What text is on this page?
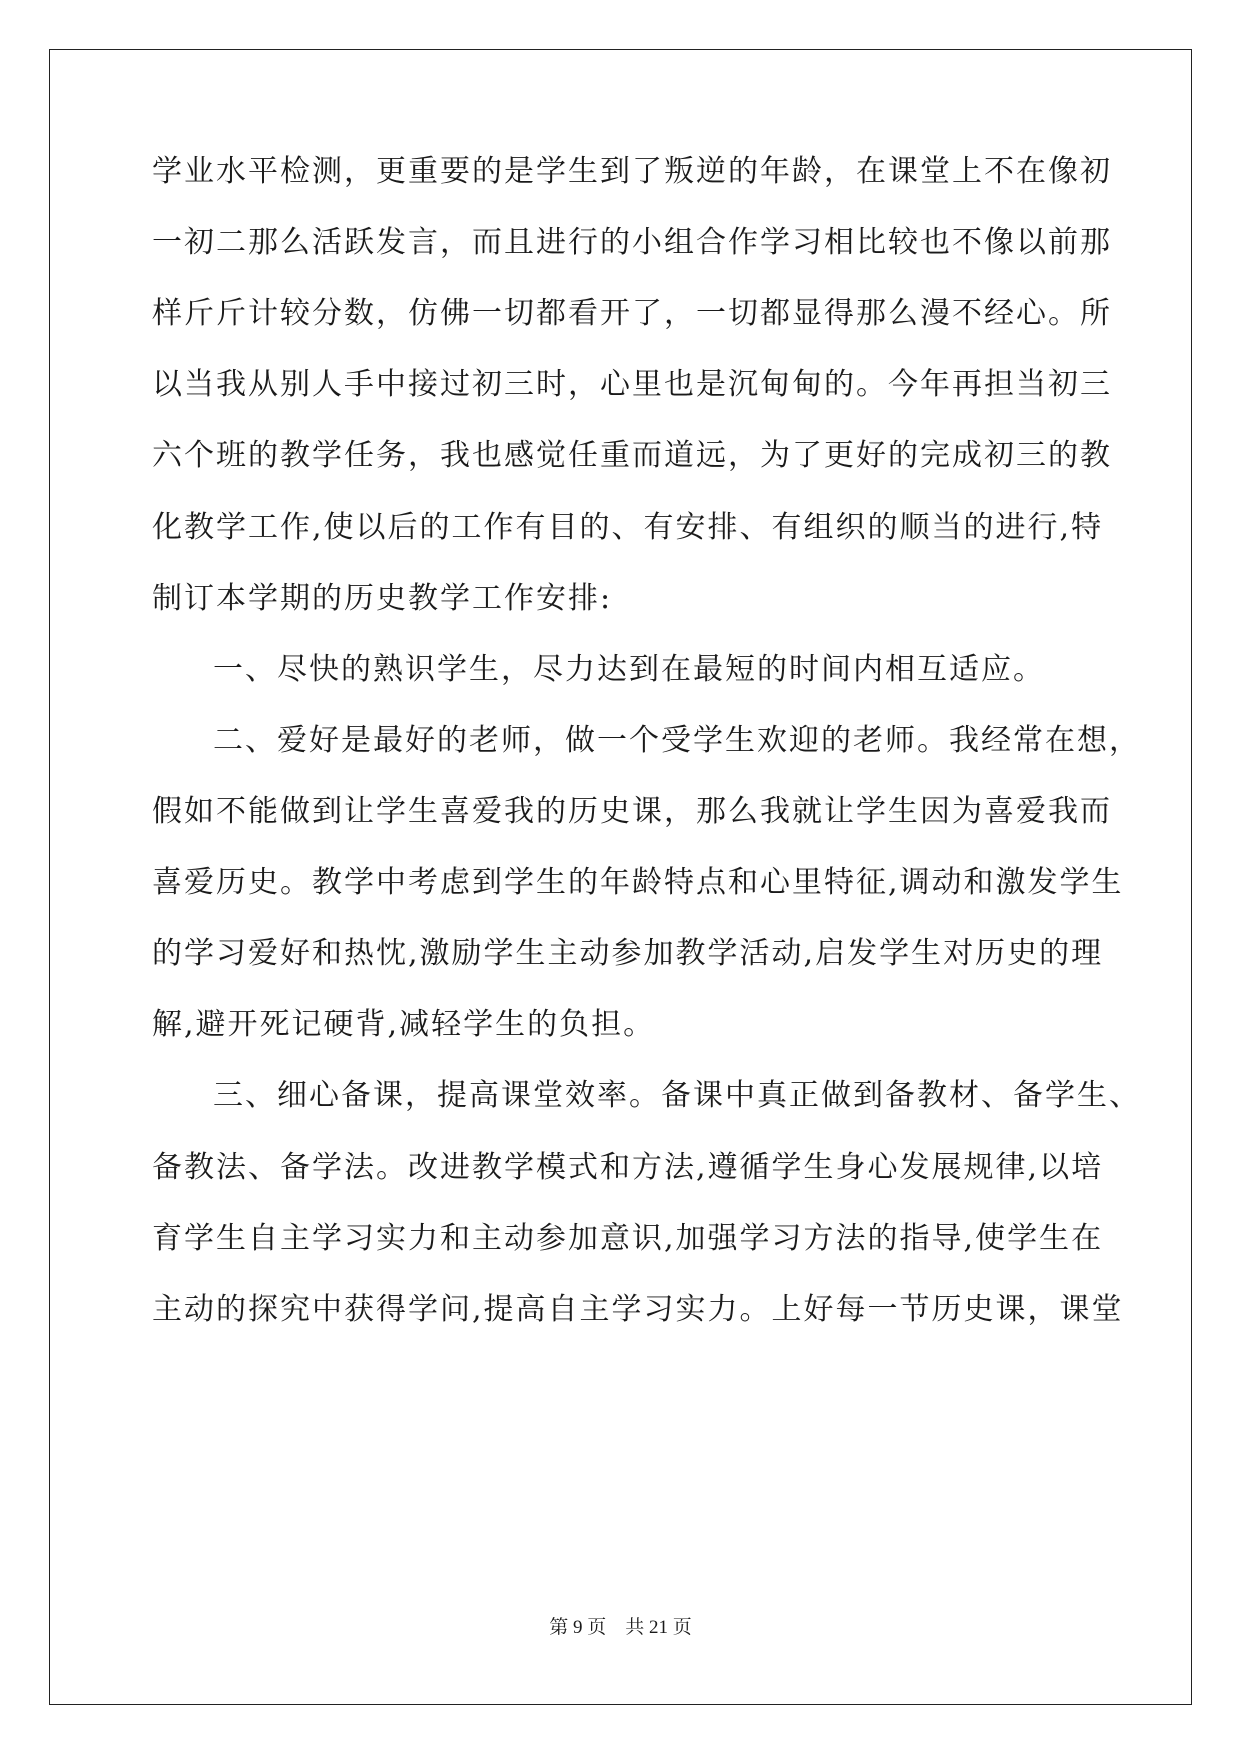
学业水平检测，更重要的是学生到了叛逆的年龄，在课堂上不在像初
一初二那么活跃发言，而且进行的小组合作学习相比较也不像以前那
样斤斤计较分数，仿佛一切都看开了，一切都显得那么漫不经心。所
以当我从别人手中接过初三时，心里也是沉甸甸的。今年再担当初三
六个班的教学任务，我也感觉任重而道远，为了更好的完成初三的教
化教学工作,使以后的工作有目的、有安排、有组织的顺当的进行,特
制订本学期的历史教学工作安排:
一、尽快的熟识学生，尽力达到在最短的时间内相互适应。
二、爱好是最好的老师，做一个受学生欢迎的老师。我经常在想，
假如不能做到让学生喜爱我的历史课，那么我就让学生因为喜爱我而
喜爱历史。教学中考虑到学生的年龄特点和心里特征,调动和激发学生
的学习爱好和热忱,激励学生主动参加教学活动,启发学生对历史的理
解,避开死记硬背,减轻学生的负担。
三、细心备课，提高课堂效率。备课中真正做到备教材、备学生、
备教法、备学法。改进教学模式和方法,遵循学生身心发展规律,以培
育学生自主学习实力和主动参加意识,加强学习方法的指导,使学生在
主动的探究中获得学问,提高自主学习实力。上好每一节历史课，课堂
第 9 页　共 21 页
